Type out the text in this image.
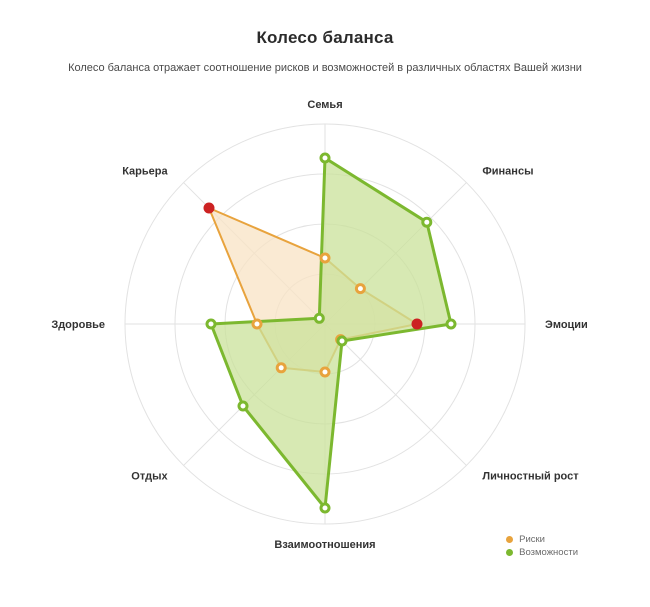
Колесо баланса
Колесо баланса отражает соотношение рисков и возможностей в различных областях Вашей жизни
Семья
Финансы
Эмоции
Личностный рост
Взаимоотношения
Отдых
Здоровье
Карьера
Риски
Возможности
